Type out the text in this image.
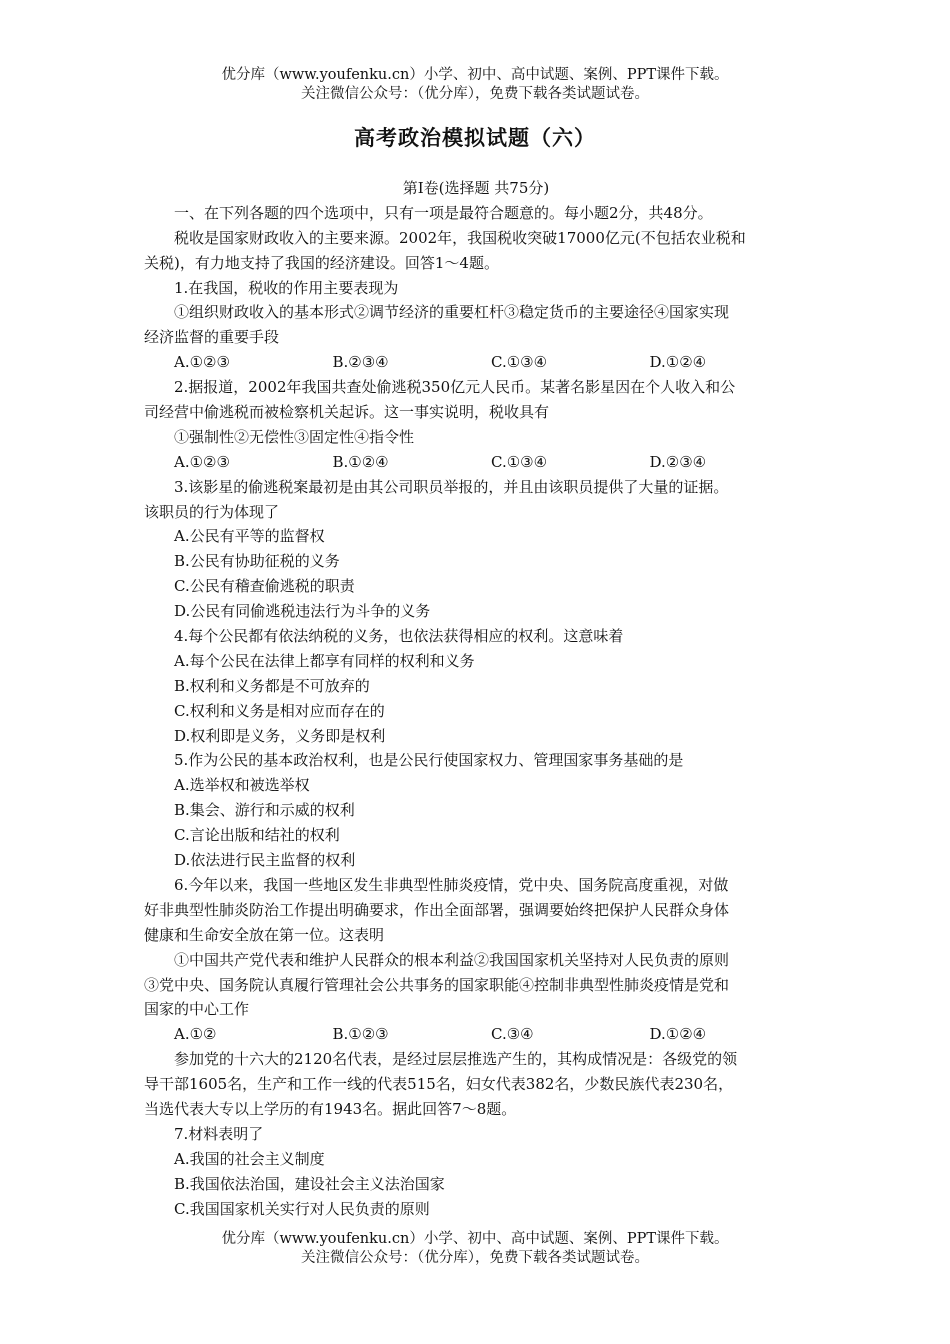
优分库（www.youfenku.cn）小学、初中、高中试题、案例、PPT课件下载。
关注微信公众号：（优分库），免费下载各类试题试卷。
高考政治模拟试题（六）
第Ⅰ卷(选择题 共75分)
一、在下列各题的四个选项中，只有一项是最符合题意的。每小题2分，共48分。
税收是国家财政收入的主要来源。2002年，我国税收突破17000亿元(不包括农业税和
关税)，有力地支持了我国的经济建设。回答1～4题。
1.在我国，税收的作用主要表现为
①组织财政收入的基本形式②调节经济的重要杠杆③稳定货币的主要途径④国家实现
经济监督的重要手段
A.①②③	B.②③④	C.①③④	D.①②④
2.据报道，2002年我国共查处偷逃税350亿元人民币。某著名影星因在个人收入和公
司经营中偷逃税而被检察机关起诉。这一事实说明，税收具有
①强制性②无偿性③固定性④指令性
A.①②③	B.①②④	C.①③④	D.②③④
3.该影星的偷逃税案最初是由其公司职员举报的，并且由该职员提供了大量的证据。
该职员的行为体现了
A.公民有平等的监督权
B.公民有协助征税的义务
C.公民有稽查偷逃税的职责
D.公民有同偷逃税违法行为斗争的义务
4.每个公民都有依法纳税的义务，也依法获得相应的权利。这意味着
A.每个公民在法律上都享有同样的权利和义务
B.权利和义务都是不可放弃的
C.权利和义务是相对应而存在的
D.权利即是义务，义务即是权利
5.作为公民的基本政治权利，也是公民行使国家权力、管理国家事务基础的是
A.选举权和被选举权
B.集会、游行和示威的权利
C.言论出版和结社的权利
D.依法进行民主监督的权利
6.今年以来，我国一些地区发生非典型性肺炎疫情，党中央、国务院高度重视，对做
好非典型性肺炎防治工作提出明确要求，作出全面部署，强调要始终把保护人民群众身体
健康和生命安全放在第一位。这表明
①中国共产党代表和维护人民群众的根本利益②我国国家机关坚持对人民负责的原则
③党中央、国务院认真履行管理社会公共事务的国家职能④控制非典型性肺炎疫情是党和
国家的中心工作
A.①②	B.①②③	C.③④	D.①②④
参加党的十六大的2120名代表，是经过层层推选产生的，其构成情况是：各级党的领
导干部1605名，生产和工作一线的代表515名，妇女代表382名，少数民族代表230名，
当选代表大专以上学历的有1943名。据此回答7～8题。
7.材料表明了
A.我国的社会主义制度
B.我国依法治国，建设社会主义法治国家
C.我国国家机关实行对人民负责的原则
优分库（www.youfenku.cn）小学、初中、高中试题、案例、PPT课件下载。
关注微信公众号：（优分库），免费下载各类试题试卷。
